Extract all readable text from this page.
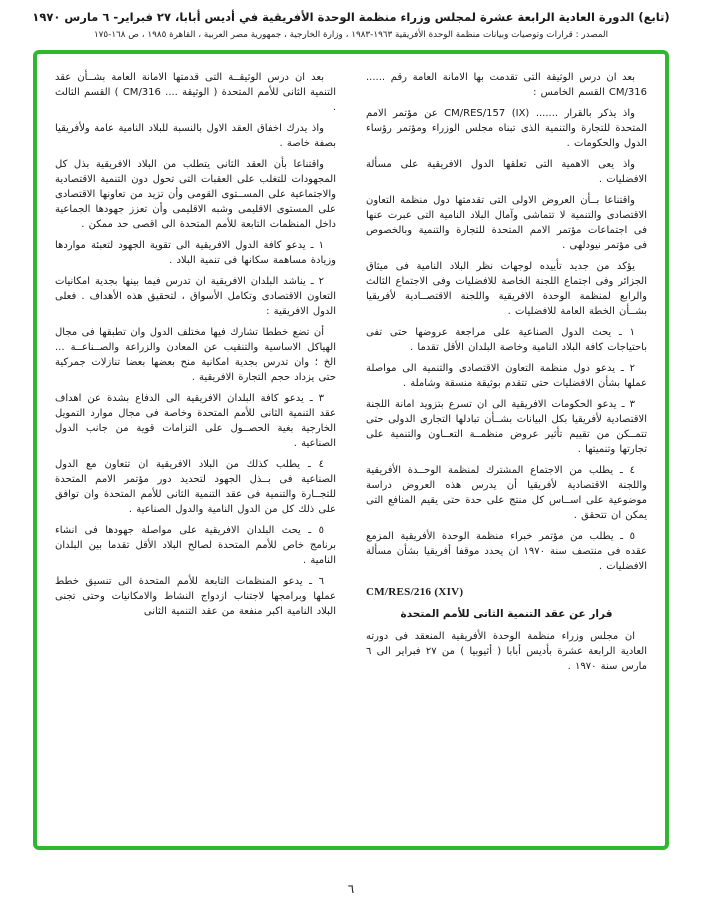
(تابع) الدورة العادية الرابعة عشرة لمجلس وزراء منظمة الوحدة الأفريقية في أديس أبابا، ٢٧ فبراير- ٦ مارس ١٩٧٠
المصدر : قرارات وتوصيات وبيانات منظمة الوحدة الأفريقية ١٩٦٣-١٩٨٣ ، وزارة الخارجية ، جمهورية مصر العربية ، القاهرة ١٩٨٥ ، ص ١٦٨-١٧٥

بعد ان درس الوثيقة التى تقدمت بها الامانة العامة رقم ...... CM/316 القسم الخامس :

واذ يذكر بالقرار ....... CM/RES/157 (IX) عن مؤتمر الامم المتحدة للتجارة والتنمية الذى تبناه مجلس الوزراء ومؤتمر رؤساء الدول والحكومات .

واذ يعى الاهمية التى تعلقها الدول الافريقية على مسألة الافضليات .

واقتناعا بــأن العروض الاولى التى تقدمتها دول منظمة التعاون الاقتصادى والتنمية لا تتماشى وآمال البلاد النامية التى عبرت عنها فى اجتماعات مؤتمر الامم المتحدة للتجارة والتنمية وبالخصوص فى مؤتمر نيودلهى .

يؤكد من جديد تأييده لوجهات نظر البلاد النامية فى ميثاق الجزائر وفى اجتماع اللجنة الخاصة للافضليات وفى الاجتماع الثالث والرابع لمنظمة الوحدة الافريقية واللجنة الاقتصــادية لأفريقيا بشــأن الخطة العامة للافضليات .

١ ـ يحث الدول الصناعية على مراجعة عروضها حتى تفى باحتياجات كافة البلاد النامية وخاصة البلدان الأقل تقدما .

٢ ـ يدعو دول منظمة التعاون الاقتصادى والتنمية الى مواصلة عملها بشأن الافضليات حتى تتقدم بوثيقة منسقة وشاملة .

٣ ـ يدعو الحكومات الافريقية الى ان تسرع بتزويد امانة اللجنة الاقتصادية لأفريقيا بكل البيانات بشــأن تبادلها التجارى الدولى حتى تتمــكن من تقييم تأثير عروض منظمــة التعــاون والتنمية على تجارتها وتنميتها .

٤ ـ يطلب من الاجتماع المشترك لمنظمة الوحــدة الأفريقية واللجنة الاقتصادية لأفريقيا أن يدرس هذه العروض دراسة موضوعية على اســاس كل منتج على حدة حتى يقيم المنافع التى يمكن ان تتحقق .

٥ ـ يطلب من مؤتمر خبراء منظمة الوحدة الأفريقية المزمع عقده فى منتصف سنة ١٩٧٠ ان يحدد موقفا أفريقيا بشأن مسألة الافضليات .

CM/RES/216 (XIV)

قرار عن عقد التنمية الثانى للأمم المتحدة

ان مجلس وزراء منظمة الوحدة الأفريقية المنعقد فى دورته العادية الرابعة عشرة بأديس أبابا ( أثيوبيا ) من ٢٧ فبراير الى ٦ مارس سنة ١٩٧٠ .

بعد ان درس الوثيقــة التى قدمتها الامانة العامة بشــأن عقد التنمية الثانى للأمم المتحدة ( الوثيقة .... CM/316 ) القسم الثالث .

واذ يدرك اخفاق العقد الاول بالنسبة للبلاد النامية عامة ولأفريقيا بصفة خاصة .

واقتناعا بأن العقد الثانى يتطلب من البلاد الافريقية بذل كل المجهودات للتغلب على العقبات التى تحول دون التنمية الاقتصادية والاجتماعية على المســتوى القومى وأن تزيد من تعاونها الاقتصادى على المستوى الاقليمى وشبه الاقليمى وأن تعزز جهودها الجماعية داخل المنظمات التابعة للأمم المتحدة الى اقصى حد ممكن .

١ ـ يدعو كافة الدول الافريقية الى تقوية الجهود لتعبئة مواردها وزيادة مساهمة سكانها فى تنمية البلاد .

٢ ـ يناشد البلدان الافريقية ان تدرس فيما بينها بجدية امكانيات التعاون الاقتصادى وتكامل الأسواق ، لتحقيق هذه الأهداف . فعلى الدول الافريقية :

أن تضع خططا تشارك فيها مختلف الدول وان تطبقها فى مجال الهياكل الاساسية والتنقيب عن المعادن والزراعة والصــناعــة ... الخ ؛ وان تدرس بجدية امكانية منح بعضها بعضا تنازلات جمركية حتى يزداد حجم التجارة الافريقية .

٣ ـ يدعو كافة البلدان الافريقية الى الدفاع بشدة عن اهداف عقد التنمية الثانى للأمم المتحدة وخاصة فى مجال موارد التمويل الخارجية بغية الحصــول على التزامات قوية من جانب الدول الصناعية .

٤ ـ يطلب كذلك من البلاد الافريقية ان تتعاون مع الدول الصناعية فى بــذل الجهود لتحديد دور مؤتمر الامم المتحدة للتجــارة والتنمية فى عقد التنمية الثانى للأمم المتحدة وان توافق على ذلك كل من الدول النامية والدول الصناعية .

٥ ـ يحث البلدان الافريقية على مواصلة جهودها فى انشاء برنامج خاص للأمم المتحدة لصالح البلاد الأقل تقدما بين البلدان النامية .

٦ ـ يدعو المنظمات التابعة للأمم المتحدة الى تنسيق خطط عملها وبرامجها لاجتناب ازدواج النشاط والامكانيات وحتى تجنى البلاد النامية اكبر منفعة من عقد التنمية الثانى

٦
